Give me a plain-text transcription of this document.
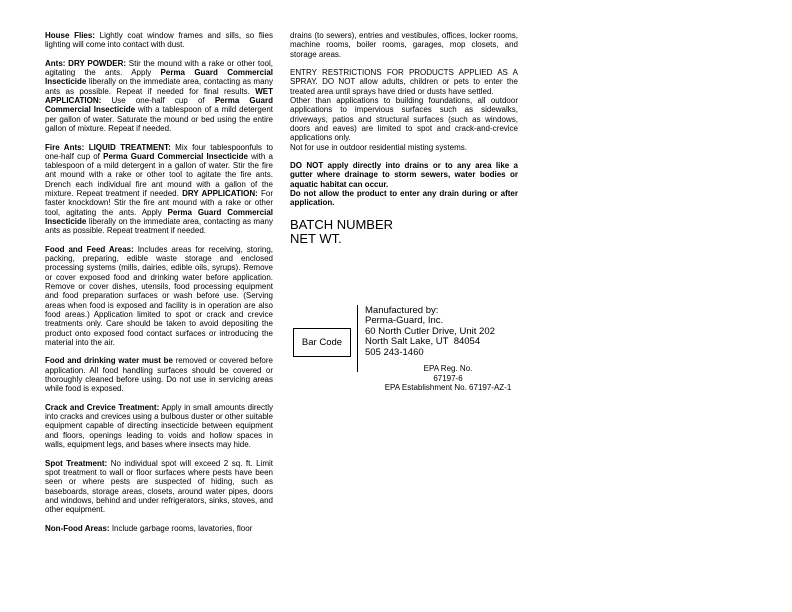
House Flies: Lightly coat window frames and sills, so flies lighting will come into contact with dust.
Ants: DRY POWDER: Stir the mound with a rake or other tool, agitating the ants. Apply Perma Guard Commercial Insecticide liberally on the immediate area, contacting as many ants as possible. Repeat if needed for final results. WET APPLICATION: Use one-half cup of Perma Guard Commercial Insecticide with a tablespoon of a mild detergent per gallon of water. Saturate the mound or bed using the entire gallon of mixture. Repeat if needed.
Fire Ants: LIQUID TREATMENT: Mix four tablespoonfuls to one-half cup of Perma Guard Commercial Insecticide with a tablespoon of a mild detergent in a gallon of water. Stir the fire ant mound with a rake or other tool to agitate the fire ants. Drench each individual fire ant mound with a gallon of the mixture. Repeat treatment if needed. DRY APPLICATION: For faster knockdown! Stir the fire ant mound with a rake or other tool, agitating the ants. Apply Perma Guard Commercial Insecticide liberally on the immediate area, contacting as many ants as possible. Repeat treatment if needed.
Food and Feed Areas: Includes areas for receiving, storing, packing, preparing, edible waste storage and enclosed processing systems (mills, dairies, edible oils, syrups). Remove or cover exposed food and drinking water before application. Remove or cover dishes, utensils, food processing equipment and food preparation surfaces or wash before use. (Serving areas when food is exposed and facility is in operation are also food areas.) Application limited to spot or crack and crevice treatments only. Care should be taken to avoid depositing the product onto exposed food contact surfaces or introducing the material into the air.
Food and drinking water must be removed or covered before application. All food handling surfaces should be covered or thoroughly cleaned before using. Do not use in servicing areas while food is exposed.
Crack and Crevice Treatment: Apply in small amounts directly into cracks and crevices using a bulbous duster or other suitable equipment capable of directing insecticide between equipment and floors, openings leading to voids and hollow spaces in walls, equipment legs, and bases where insects may hide.
Spot Treatment: No individual spot will exceed 2 sq. ft. Limit spot treatment to wall or floor surfaces where pests have been seen or where pests are suspected of hiding, such as baseboards, storage areas, closets, around water pipes, doors and windows, behind and under refrigerators, sinks, stoves, and other equipment.
Non-Food Areas: Include garbage rooms, lavatories, floor
drains (to sewers), entries and vestibules, offices, locker rooms, machine rooms, boiler rooms, garages, mop closets, and storage areas.
ENTRY RESTRICTIONS FOR PRODUCTS APPLIED AS A SPRAY. DO NOT allow adults, children or pets to enter the treated area until sprays have dried or dusts have settled.
Other than applications to building foundations, all outdoor applications to impervious surfaces such as sidewalks, driveways, patios and structural surfaces (such as windows, doors and eaves) are limited to spot and crack-and-crevice applications only.
Not for use in outdoor residential misting systems.
DO NOT apply directly into drains or to any area like a gutter where drainage to storm sewers, water bodies or aquatic habitat can occur.
Do not allow the product to enter any drain during or after application.
BATCH NUMBER
NET WT.
Bar Code
Manufactured by:
Perma-Guard, Inc.
60 North Cutler Drive, Unit 202
North Salt Lake, UT  84054
505 243-1460
EPA Reg. No.
67197-6
EPA Establishment No. 67197-AZ-1
